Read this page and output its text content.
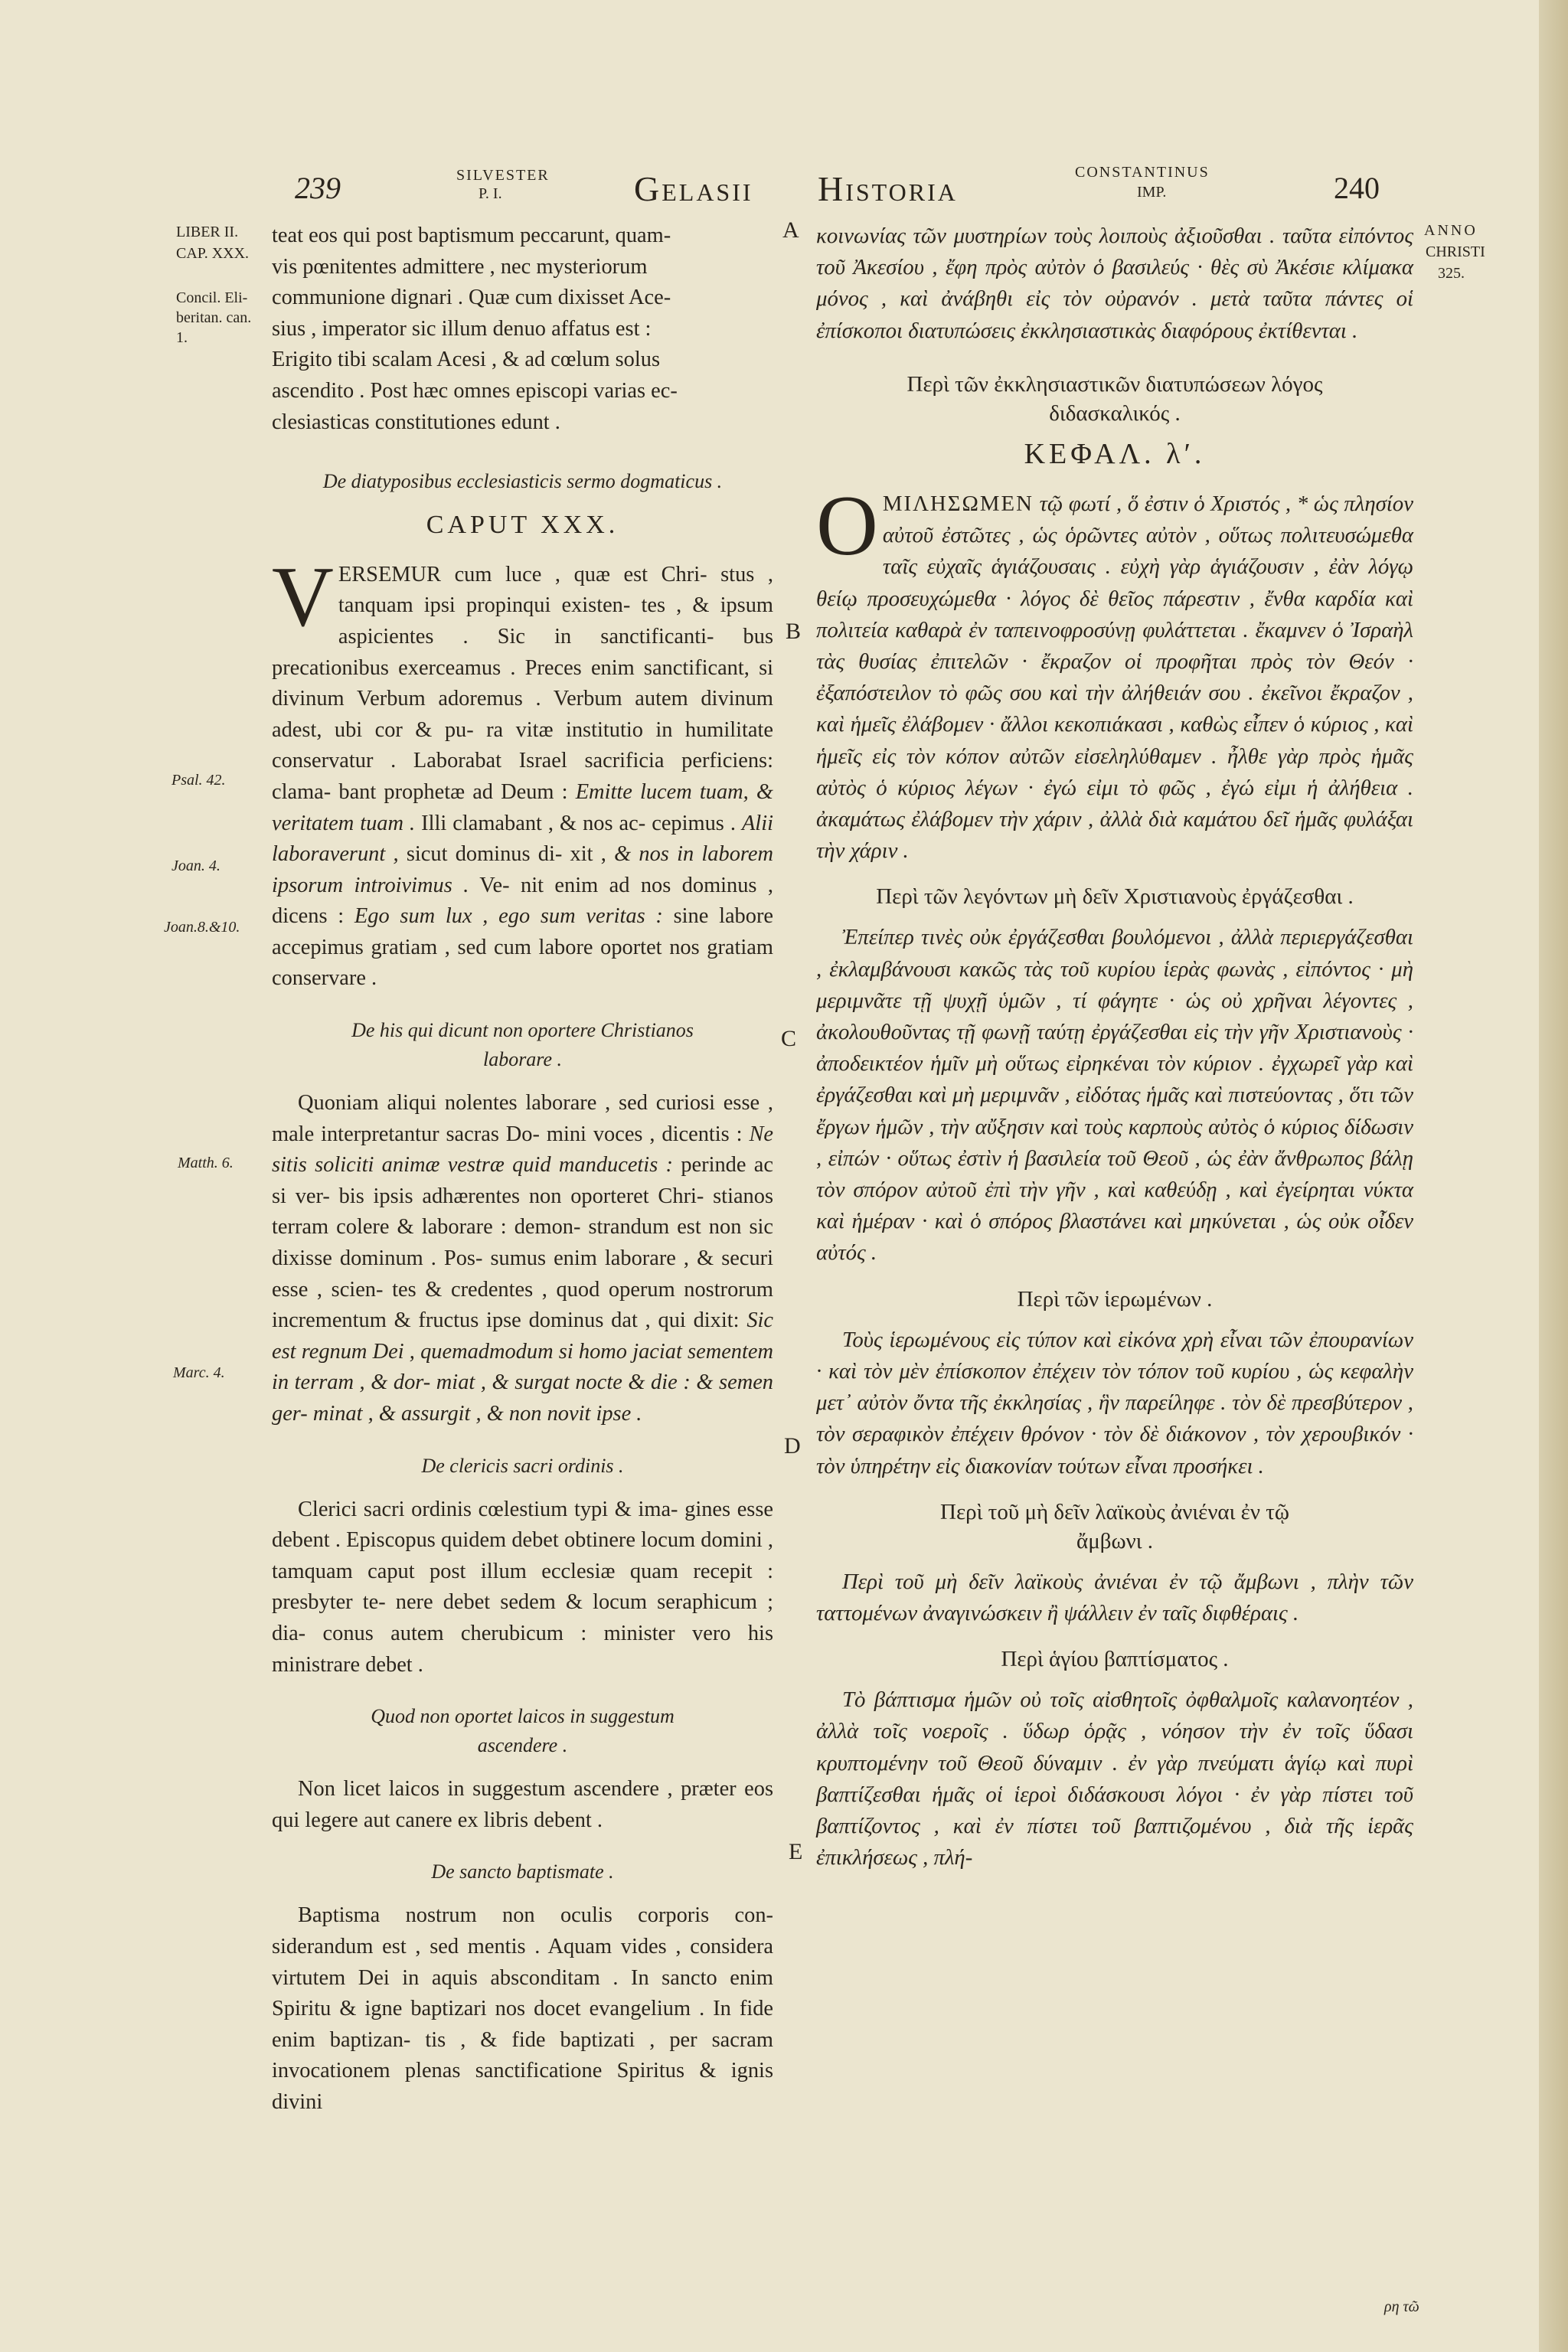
239	SILVESTER
P. I.	Gelasii Historia	CONSTANTINUS
IMP.	240
ANNO
CHRISTI
325.
LIBER II.
CAP. XXX.
Concil. Eli-
beritan. can.
1.
Psal. 42.
Joan. 4.
Joan.8.&10.
Matth. 6.
Marc. 4.
A
B
C
D
E

teat eos qui post baptismum peccarunt, quam-

vis pœnitentes admittere , nec mysteriorum

communione dignari . Quæ cum dixisset Ace-

sius , imperator sic illum denuo affatus est :

Erigito tibi scalam Acesi , & ad cœlum solus

ascendito . Post hæc omnes episcopi varias ec-

clesiasticas constitutiones edunt .

De diatyposibus ecclesiasticis sermo dogmaticus .
CAPUT XXX.

VERSEMUR cum luce , quæ est Chri- stus , tanquam ipsi propinqui existen- tes , & ipsum aspicientes . Sic in sanctificanti- bus precationibus exerceamus . Preces enim sanctificant, si divinum Verbum adoremus . Verbum autem divinum adest, ubi cor & pu- ra vitæ institutio in humilitate conservatur . Laborabat Israel sacrificia perficiens: clama- bant prophetæ ad Deum : Emitte lucem tuam, & veritatem tuam . Illi clamabant , & nos ac- cepimus . Alii laboraverunt , sicut dominus di- xit , & nos in laborem ipsorum introivimus . Ve- nit enim ad nos dominus , dicens : Ego sum lux , ego sum veritas : sine labore accepimus gratiam , sed cum labore oportet nos gratiam conservare .

De his qui dicunt non oportere Christianos
laborare .

Quoniam aliqui nolentes laborare , sed curiosi esse , male interpretantur sacras Do- mini voces , dicentis : Ne sitis soliciti animæ vestræ quid manducetis : perinde ac si ver- bis ipsis adhærentes non oporteret Chri- stianos terram colere & laborare : demon- strandum est non sic dixisse dominum . Pos- sumus enim laborare , & securi esse , scien- tes & credentes , quod operum nostrorum incrementum & fructus ipse dominus dat , qui dixit: Sic est regnum Dei , quemadmodum si homo jaciat sementem in terram , & dor- miat , & surgat nocte & die : & semen ger- minat , & assurgit , & non novit ipse .

De clericis sacri ordinis .

Clerici sacri ordinis cœlestium typi & ima- gines esse debent . Episcopus quidem debet obtinere locum domini , tamquam caput post illum ecclesiæ quam recepit : presbyter te- nere debet sedem & locum seraphicum ; dia- conus autem cherubicum : minister vero his ministrare debet .

Quod non oportet laicos in suggestum
ascendere .

Non licet laicos in suggestum ascendere , præter eos qui legere aut canere ex libris debent .

De sancto baptismate .

Baptisma nostrum non oculis corporis con- siderandum est , sed mentis . Aquam vides , considera virtutem Dei in aquis absconditam . In sancto enim Spiritu & igne baptizari nos docet evangelium . In fide enim baptizan- tis , & fide baptizati , per sacram invocationem plenas sanctificatione Spiritus & ignis divini

κοινωνίας τῶν μυστηρίων τοὺς λοιποὺς ἀξιοῦσθαι . ταῦτα εἰπόντος τοῦ Ἀκεσίου , ἔφη πρὸς αὐτὸν ὁ βασιλεύς · θὲς σὺ Ἀκέσιε κλίμακα μόνος , καὶ ἀνάβηθι εἰς τὸν οὐρανόν . μετὰ ταῦτα πάντες οἱ ἐπίσκοποι διατυπώσεις ἐκκλησιαστικὰς διαφόρους ἐκτίθενται .

Περὶ τῶν ἐκκλησιαστικῶν διατυπώσεων λόγος
διδασκαλικός .
ΚΕΦΑΛ. λʹ.

ΟΜΙΛΗΣΩΜΕΝ τῷ φωτί , ὅ ἐστιν ὁ Χριστός , * ὡς πλησίον αὐτοῦ ἐστῶτες , ὡς ὁρῶντες αὐτὸν , οὕτως πολιτευσώμεθα ταῖς εὐχαῖς ἁγιάζουσαις . εὐχὴ γὰρ ἁγιάζουσιν , ἐὰν λόγῳ θείῳ προσευχώμεθα · λόγος δὲ θεῖος πάρεστιν , ἔνθα καρδία καὶ πολιτεία καθαρὰ ἐν ταπεινοφροσύνῃ φυλάττεται . ἔκαμνεν ὁ Ἰσραὴλ τὰς θυσίας ἐπιτελῶν · ἔκραζον οἱ προφῆται πρὸς τὸν Θεόν · ἐξαπόστειλον τὸ φῶς σου καὶ τὴν ἀλήθειάν σου . ἐκεῖνοι ἔκραζον , καὶ ἡμεῖς ἐλάβομεν · ἄλλοι κεκοπιάκασι , καθὼς εἶπεν ὁ κύριος , καὶ ἡμεῖς εἰς τὸν κόπον αὐτῶν εἰσεληλύθαμεν . ἦλθε γὰρ πρὸς ἡμᾶς αὐτὸς ὁ κύριος λέγων · ἐγώ εἰμι τὸ φῶς , ἐγώ εἰμι ἡ ἀλήθεια . ἀκαμάτως ἐλάβομεν τὴν χάριν , ἀλλὰ διὰ καμάτου δεῖ ἡμᾶς φυλάξαι τὴν χάριν .

Περὶ τῶν λεγόντων μὴ δεῖν Χριστιανοὺς ἐργάζεσθαι .

Ἐπείπερ τινὲς οὐκ ἐργάζεσθαι βουλόμενοι , ἀλλὰ περιεργάζεσθαι , ἐκλαμβάνουσι κακῶς τὰς τοῦ κυρίου ἱερὰς φωνὰς , εἰπόντος · μὴ μεριμνᾶτε τῇ ψυχῇ ὑμῶν , τί φάγητε · ὡς οὐ χρῆναι λέγοντες , ἀκολουθοῦντας τῇ φωνῇ ταύτῃ ἐργάζεσθαι εἰς τὴν γῆν Χριστιανοὺς · ἀποδεικτέον ἡμῖν μὴ οὕτως εἰρηκέναι τὸν κύριον . ἐγχωρεῖ γὰρ καὶ ἐργάζεσθαι καὶ μὴ μεριμνᾶν , εἰδότας ἡμᾶς καὶ πιστεύοντας , ὅτι τῶν ἔργων ἡμῶν , τὴν αὔξησιν καὶ τοὺς καρποὺς αὐτὸς ὁ κύριος δίδωσιν , εἰπών · οὕτως ἐστὶν ἡ βασιλεία τοῦ Θεοῦ , ὡς ἐὰν ἄνθρωπος βάλῃ τὸν σπόρον αὐτοῦ ἐπὶ τὴν γῆν , καὶ καθεύδῃ , καὶ ἐγείρηται νύκτα καὶ ἡμέραν · καὶ ὁ σπόρος βλαστάνει καὶ μηκύνεται , ὡς οὐκ οἶδεν αὐτός .

Περὶ τῶν ἱερωμένων .

Τοὺς ἱερωμένους εἰς τύπον καὶ εἰκόνα χρὴ εἶναι τῶν ἐπουρανίων · καὶ τὸν μὲν ἐπίσκοπον ἐπέχειν τὸν τόπον τοῦ κυρίου , ὡς κεφαλὴν μετ᾽ αὐτὸν ὄντα τῆς ἐκκλησίας , ἣν παρείληφε . τὸν δὲ πρεσβύτερον , τὸν σεραφικὸν ἐπέχειν θρόνον · τὸν δὲ διάκονον , τὸν χερουβικόν · τὸν ὑπηρέτην εἰς διακονίαν τούτων εἶναι προσήκει .

Περὶ τοῦ μὴ δεῖν λαϊκοὺς ἀνιέναι ἐν τῷ
ἄμβωνι .

Περὶ τοῦ μὴ δεῖν λαϊκοὺς ἀνιέναι ἐν τῷ ἄμβωνι , πλὴν τῶν ταττομένων ἀναγινώσκειν ἢ ψάλλειν ἐν ταῖς διφθέραις .

Περὶ ἁγίου βαπτίσματος .

Τὸ βάπτισμα ἡμῶν οὐ τοῖς αἰσθητοῖς ὀφθαλμοῖς καλανοητέον , ἀλλὰ τοῖς νοεροῖς . ὕδωρ ὁρᾷς , νόησον τὴν ἐν τοῖς ὕδασι κρυπτομένην τοῦ Θεοῦ δύναμιν . ἐν γὰρ πνεύματι ἁγίῳ καὶ πυρὶ βαπτίζεσθαι ἡμᾶς οἱ ἱεροὶ διδάσκουσι λόγοι · ἐν γὰρ πίστει τοῦ βαπτίζοντος , καὶ ἐν πίστει τοῦ βαπτιζομένου , διὰ τῆς ἱερᾶς ἐπικλήσεως , πλή-

ρη τῶ
